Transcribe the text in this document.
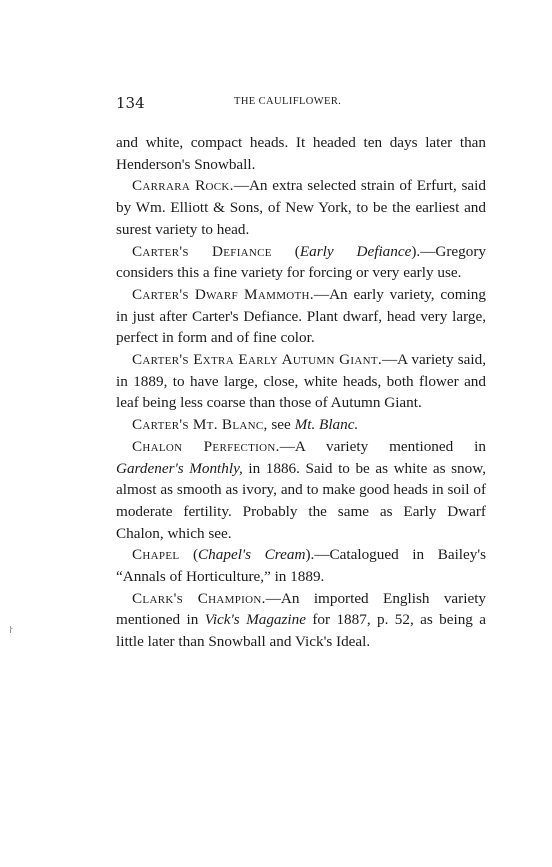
134	THE CAULIFLOWER.

and white, compact heads. It headed ten days later than Henderson's Snowball.

Carrara Rock.—An extra selected strain of Erfurt, said by Wm. Elliott & Sons, of New York, to be the earliest and surest variety to head.

Carter's Defiance (Early Defiance).—Gregory considers this a fine variety for forcing or very early use.

Carter's Dwarf Mammoth.—An early variety, coming in just after Carter's Defiance. Plant dwarf, head very large, perfect in form and of fine color.

Carter's Extra Early Autumn Giant.—A variety said, in 1889, to have large, close, white heads, both flower and leaf being less coarse than those of Autumn Giant.

Carter's Mt. Blanc, see Mt. Blanc.

Chalon Perfection.—A variety mentioned in Gardener's Monthly, in 1886. Said to be as white as snow, almost as smooth as ivory, and to make good heads in soil of moderate fertility. Probably the same as Early Dwarf Chalon, which see.

Chapel (Chapel's Cream).—Catalogued in Bailey's “Annals of Horticulture,” in 1889.

Clark's Champion.—An imported English variety mentioned in Vick's Magazine for 1887, p. 52, as being a little later than Snowball and Vick's Ideal.

⸷
